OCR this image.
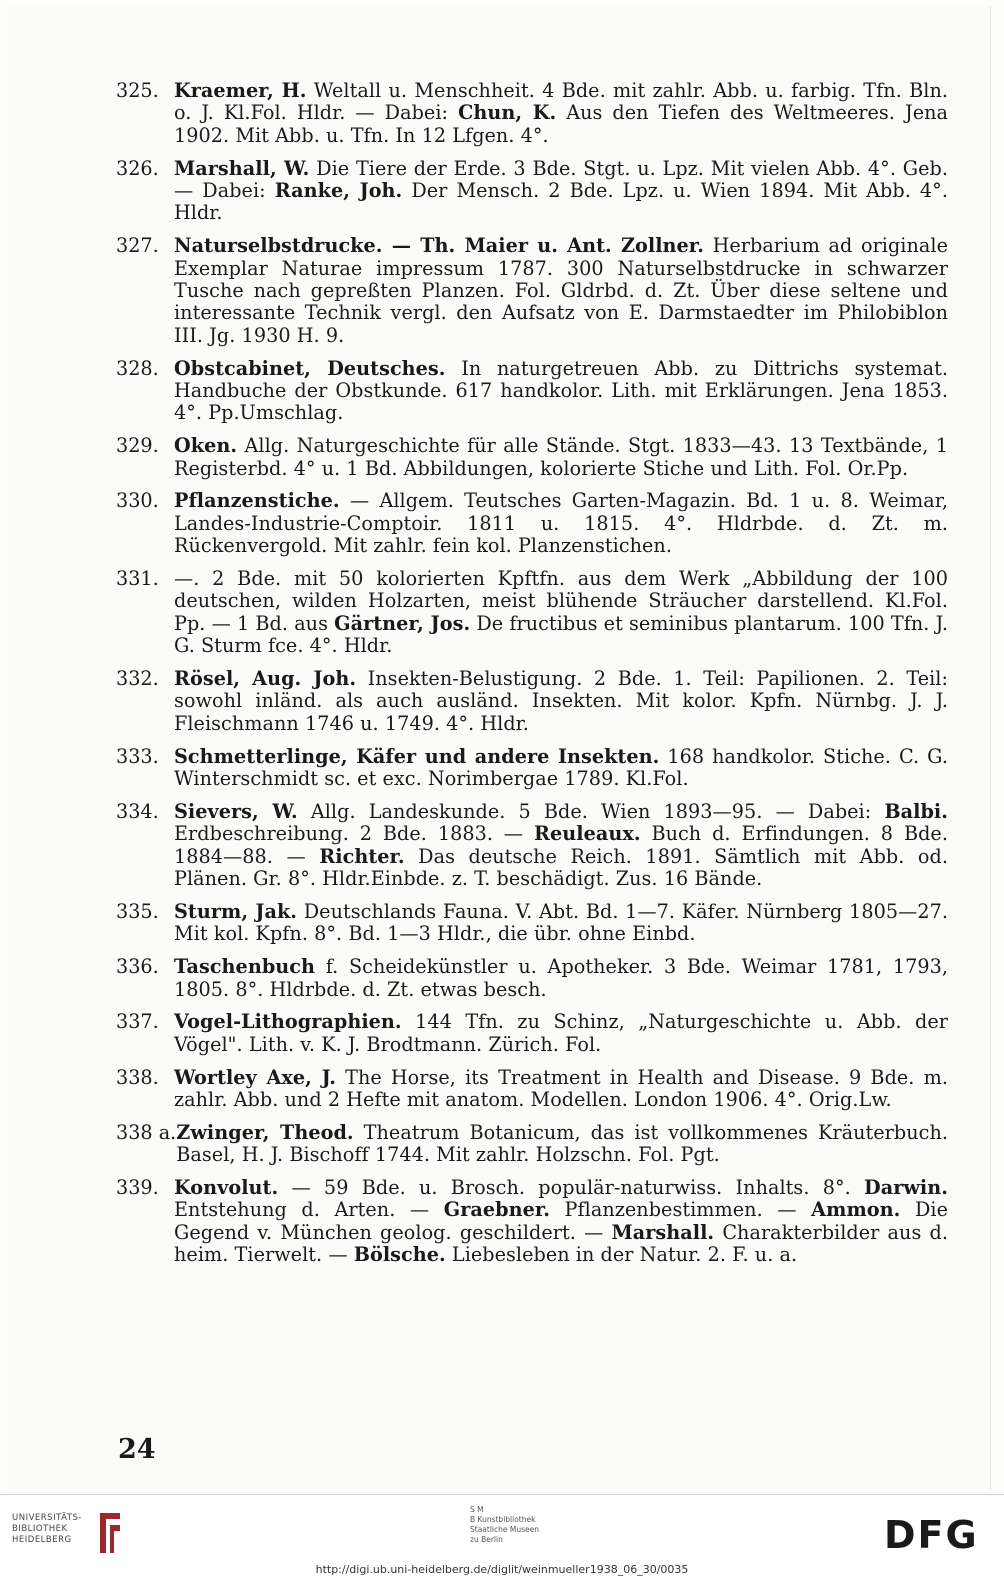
325. Kraemer, H. Weltall u. Menschheit. 4 Bde. mit zahlr. Abb. u. farbig. Tfn. Bln. o. J. Kl.Fol. Hldr. — Dabei: Chun, K. Aus den Tiefen des Weltmeeres. Jena 1902. Mit Abb. u. Tfn. In 12 Lfgen. 4°.
326. Marshall, W. Die Tiere der Erde. 3 Bde. Stgt. u. Lpz. Mit vielen Abb. 4°. Geb. — Dabei: Ranke, Joh. Der Mensch. 2 Bde. Lpz. u. Wien 1894. Mit Abb. 4°. Hldr.
327. Naturselbstdrucke. — Th. Maier u. Ant. Zollner. Herbarium ad originale Exemplar Naturae impressum 1787. 300 Naturselbstdrucke in schwarzer Tusche nach gepreßten Planzen. Fol. Gldrbd. d. Zt. Über diese seltene und interessante Technik vergl. den Aufsatz von E. Darmstaedter im Philobiblon III. Jg. 1930 H. 9.
328. Obstcabinet, Deutsches. In naturgetreuen Abb. zu Dittrichs systemat. Handbuche der Obstkunde. 617 handkolor. Lith. mit Erklärungen. Jena 1853. 4°. Pp.Umschlag.
329. Oken. Allg. Naturgeschichte für alle Stände. Stgt. 1833—43. 13 Textbände, 1 Registerbd. 4° u. 1 Bd. Abbildungen, kolorierte Stiche und Lith. Fol. Or.Pp.
330. Pflanzenstiche. — Allgem. Teutsches Garten-Magazin. Bd. 1 u. 8. Weimar, Landes-Industrie-Comptoir. 1811 u. 1815. 4°. Hldrbde. d. Zt. m. Rückenvergold. Mit zahlr. fein kol. Planzenstichen.
331. —. 2 Bde. mit 50 kolorierten Kpftfn. aus dem Werk „Abbildung der 100 deutschen, wilden Holzarten, meist blühende Sträucher darstellend. Kl.Fol. Pp. — 1 Bd. aus Gärtner, Jos. De fructibus et seminibus plantarum. 100 Tfn. J. G. Sturm fce. 4°. Hldr.
332. Rösel, Aug. Joh. Insekten-Belustigung. 2 Bde. 1. Teil: Papilionen. 2. Teil: sowohl inländ. als auch ausländ. Insekten. Mit kolor. Kpfn. Nürnbg. J. J. Fleischmann 1746 u. 1749. 4°. Hldr.
333. Schmetterlinge, Käfer und andere Insekten. 168 handkolor. Stiche. C. G. Winterschmidt sc. et exc. Norimbergae 1789. Kl.Fol.
334. Sievers, W. Allg. Landeskunde. 5 Bde. Wien 1893—95. — Dabei: Balbi. Erdbeschreibung. 2 Bde. 1883. — Reuleaux. Buch d. Erfindungen. 8 Bde. 1884—88. — Richter. Das deutsche Reich. 1891. Sämtlich mit Abb. od. Plänen. Gr. 8°. Hldr.Einbde. z. T. beschädigt. Zus. 16 Bände.
335. Sturm, Jak. Deutschlands Fauna. V. Abt. Bd. 1—7. Käfer. Nürnberg 1805—27. Mit kol. Kpfn. 8°. Bd. 1—3 Hldr., die übr. ohne Einbd.
336. Taschenbuch f. Scheidekünstler u. Apotheker. 3 Bde. Weimar 1781, 1793, 1805. 8°. Hldrbde. d. Zt. etwas besch.
337. Vogel-Lithographien. 144 Tfn. zu Schinz, „Naturgeschichte u. Abb. der Vögel". Lith. v. K. J. Brodtmann. Zürich. Fol.
338. Wortley Axe, J. The Horse, its Treatment in Health and Disease. 9 Bde. m. zahlr. Abb. und 2 Hefte mit anatom. Modellen. London 1906. 4°. Orig.Lw.
338 a. Zwinger, Theod. Theatrum Botanicum, das ist vollkommenes Kräuterbuch. Basel, H. J. Bischoff 1744. Mit zahlr. Holzschn. Fol. Pgt.
339. Konvolut. — 59 Bde. u. Brosch. populär-naturwiss. Inhalts. 8°. Darwin. Entstehung d. Arten. — Graebner. Pflanzenbestimmen. — Ammon. Die Gegend v. München geolog. geschildert. — Marshall. Charakterbilder aus d. heim. Tierwelt. — Bölsche. Liebesleben in der Natur. 2. F. u. a.
24
UNIVERSITÄTS-
BIBLIOTHEK
HEIDELBERG
S M
B Kunstbibliothek
Staatliche Museen
zu Berlin	DFG
http://digi.ub.uni-heidelberg.de/diglit/weinmueller1938_06_30/0035
